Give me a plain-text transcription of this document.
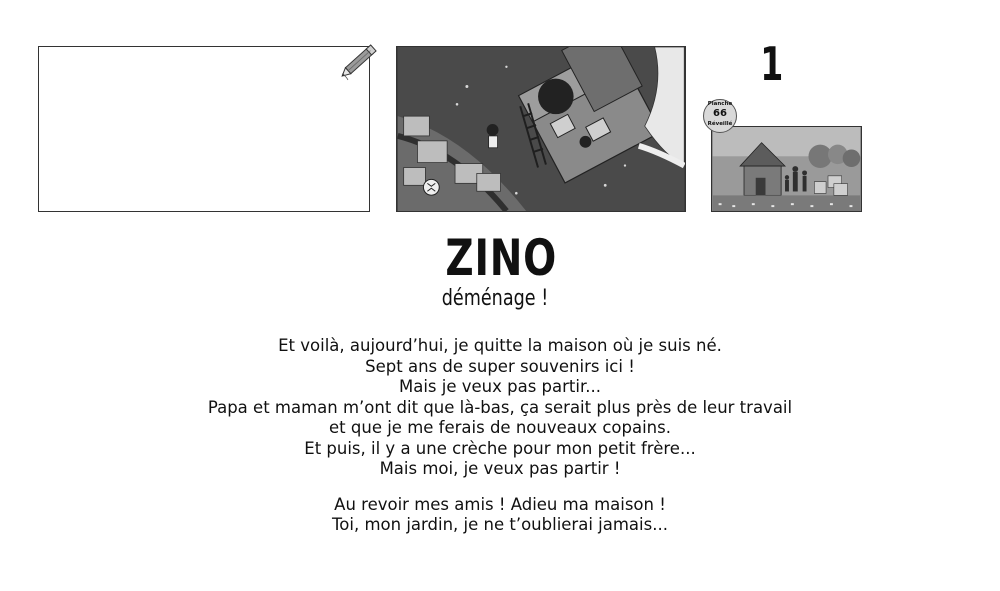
1
Planche
66
Réveillé
ZINO
déménage !
Et voilà, aujourd’hui, je quitte la maison où je suis né.
Sept ans de super souvenirs ici !
Mais je veux pas partir...
Papa et maman m’ont dit que là-bas, ça serait plus près de leur travail
et que je me ferais de nouveaux copains.
Et puis, il y a une crèche pour mon petit frère...
Mais moi, je veux pas partir !
Au revoir mes amis ! Adieu ma maison !
Toi, mon jardin, je ne t’oublierai jamais...
